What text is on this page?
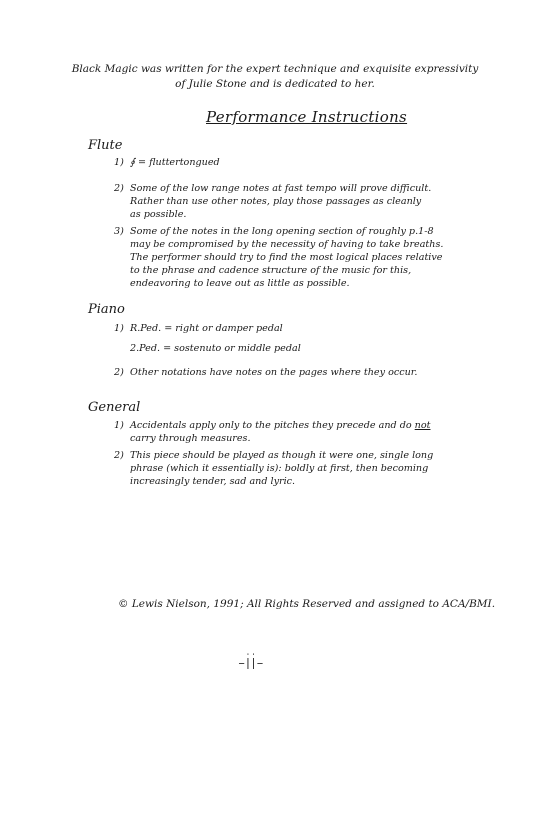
Black Magic was written for the expert technique and exquisite expressivity
of Julie Stone and is dedicated to her.
Performance Instructions
Flute
1) ∮ = fluttertongued
2) Some of the low range notes at fast tempo will prove difficult.
Rather than use other notes, play those passages as cleanly
as possible.
3) Some of the notes in the long opening section of roughly p.1-8
may be compromised by the necessity of having to take breaths.
The performer should try to find the most logical places relative
to the phrase and cadence structure of the music for this,
endeavoring to leave out as little as possible.
Piano
1) R.Ped. = right or damper pedal
2.Ped. = sostenuto or middle pedal
2) Other notations have notes on the pages where they occur.
General
1) Accidentals apply only to the pitches they precede and do not
carry through measures.
2) This piece should be played as though it were one, single long
phrase (which it essentially is): boldly at first, then becoming
increasingly tender, sad and lyric.
© Lewis Nielson, 1991; All Rights Reserved and assigned to ACA/BMI.
-ii-
